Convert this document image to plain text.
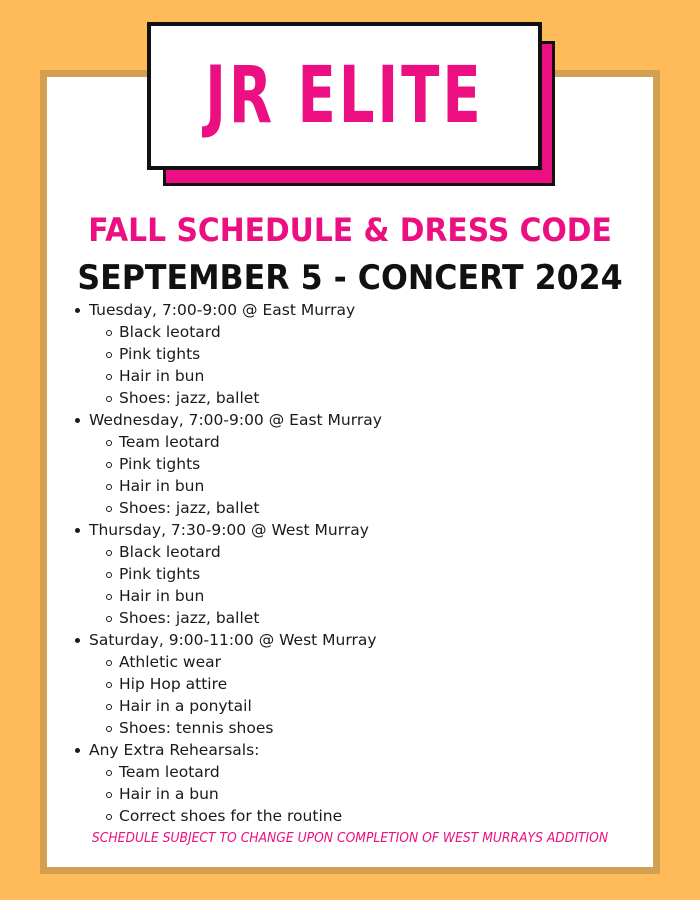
JR ELITE
FALL SCHEDULE & DRESS CODE
SEPTEMBER 5 - CONCERT 2024
Tuesday, 7:00-9:00 @ East Murray
Black leotard
Pink tights
Hair in bun
Shoes: jazz, ballet
Wednesday, 7:00-9:00 @ East Murray
Team leotard
Pink tights
Hair in bun
Shoes: jazz, ballet
Thursday, 7:30-9:00 @ West Murray
Black leotard
Pink tights
Hair in bun
Shoes: jazz, ballet
Saturday, 9:00-11:00 @ West Murray
Athletic wear
Hip Hop attire
Hair in a ponytail
Shoes: tennis shoes
Any Extra Rehearsals:
Team leotard
Hair in a bun
Correct shoes for the routine
SCHEDULE SUBJECT TO CHANGE UPON COMPLETION OF WEST MURRAYS ADDITION
